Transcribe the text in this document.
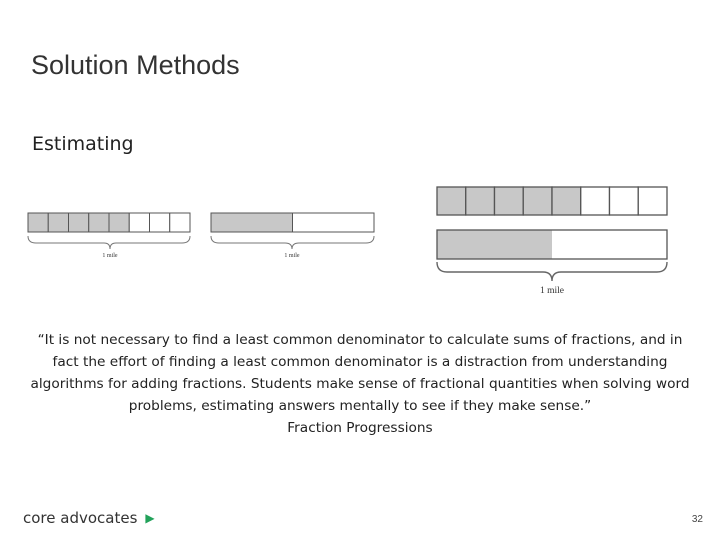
Solution Methods
Estimating
1 mile	1 mile
1 mile
“It is not necessary to find a least common denominator to calculate sums of fractions, and in
fact the effort of finding a least common denominator is a distraction from understanding
algorithms for adding fractions. Students make sense of fractional quantities when solving word
problems, estimating answers mentally to see if they make sense.”
Fraction Progressions
core advocates ▶	32
